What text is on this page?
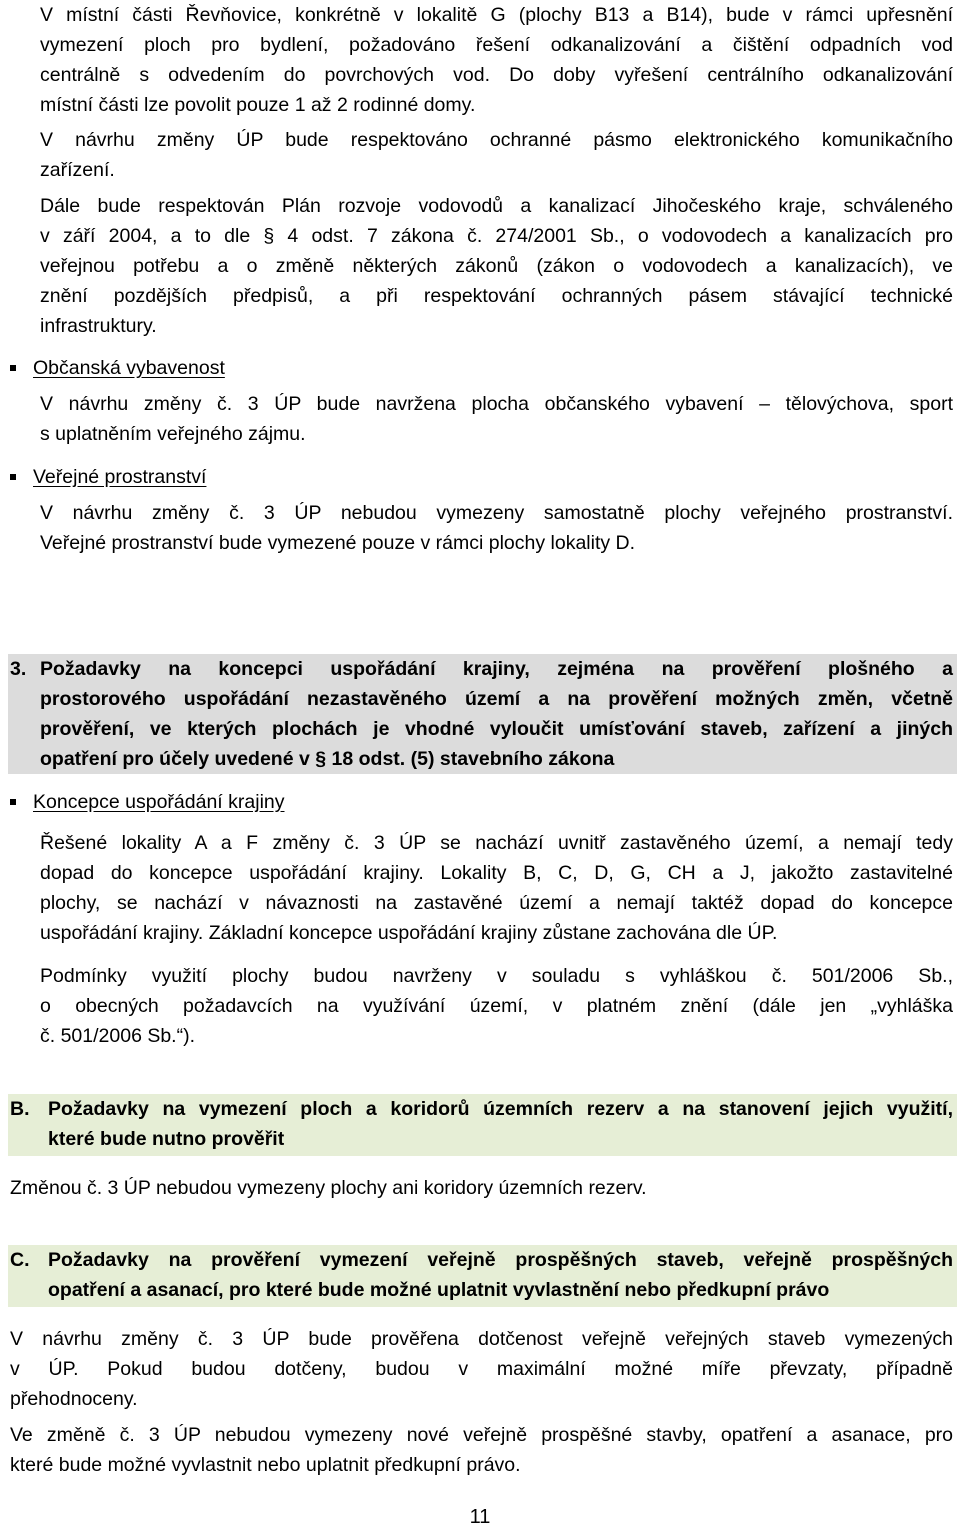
V místní části Řevňovice, konkrétně v lokalitě G (plochy B13 a B14), bude v rámci upřesnění
vymezení ploch pro bydlení, požadováno řešení odkanalizování a čištění odpadních vod
centrálně s odvedením do povrchových vod. Do doby vyřešení centrálního odkanalizování
místní části lze povolit pouze 1 až 2 rodinné domy.
V návrhu změny ÚP bude respektováno ochranné pásmo elektronického komunikačního
zařízení.
Dále bude respektován Plán rozvoje vodovodů a kanalizací Jihočeského kraje, schváleného
v září 2004, a to dle § 4 odst. 7 zákona č. 274/2001 Sb., o vodovodech a kanalizacích pro
veřejnou potřebu a o změně některých zákonů (zákon o vodovodech a kanalizacích), ve
znění pozdějších předpisů, a při respektování ochranných pásem stávající technické
infrastruktury.
Občanská vybavenost
V návrhu změny č. 3 ÚP bude navržena plocha občanského vybavení – tělovýchova, sport
s uplatněním veřejného zájmu.
Veřejné prostranství
V návrhu změny č. 3 ÚP nebudou vymezeny samostatně plochy veřejného prostranství.
Veřejné prostranství bude vymezené pouze v rámci plochy lokality D.
3. Požadavky na koncepci uspořádání krajiny, zejména na prověření plošného a
prostorového uspořádání nezastavěného území a na prověření možných změn, včetně
prověření, ve kterých plochách je vhodné vyloučit umísťování staveb, zařízení a jiných
opatření pro účely uvedené v § 18 odst. (5) stavebního zákona
Koncepce uspořádání krajiny
Řešené lokality A a F změny č. 3 ÚP se nachází uvnitř zastavěného území, a nemají tedy
dopad do koncepce uspořádání krajiny. Lokality B, C, D, G, CH a J, jakožto zastavitelné
plochy, se nachází v návaznosti na zastavěné území a nemají taktéž dopad do koncepce
uspořádání krajiny. Základní koncepce uspořádání krajiny zůstane zachována dle ÚP.
Podmínky využití plochy budou navrženy v souladu s vyhláškou č. 501/2006 Sb.,
o obecných požadavcích na využívání území, v platném znění (dále jen „vyhláška
č. 501/2006 Sb.“).
B. Požadavky na vymezení ploch a koridorů územních rezerv a na stanovení jejich využití,
které bude nutno prověřit
Změnou č. 3 ÚP nebudou vymezeny plochy ani koridory územních rezerv.
C. Požadavky na prověření vymezení veřejně prospěšných staveb, veřejně prospěšných
opatření a asanací, pro které bude možné uplatnit vyvlastnění nebo předkupní právo
V návrhu změny č. 3 ÚP bude prověřena dotčenost veřejně veřejných staveb vymezených
v ÚP. Pokud budou dotčeny, budou v maximální možné míře převzaty, případně
přehodnoceny.
Ve změně č. 3 ÚP nebudou vymezeny nové veřejně prospěšné stavby, opatření a asanace, pro
které bude možné vyvlastnit nebo uplatnit předkupní právo.
11
